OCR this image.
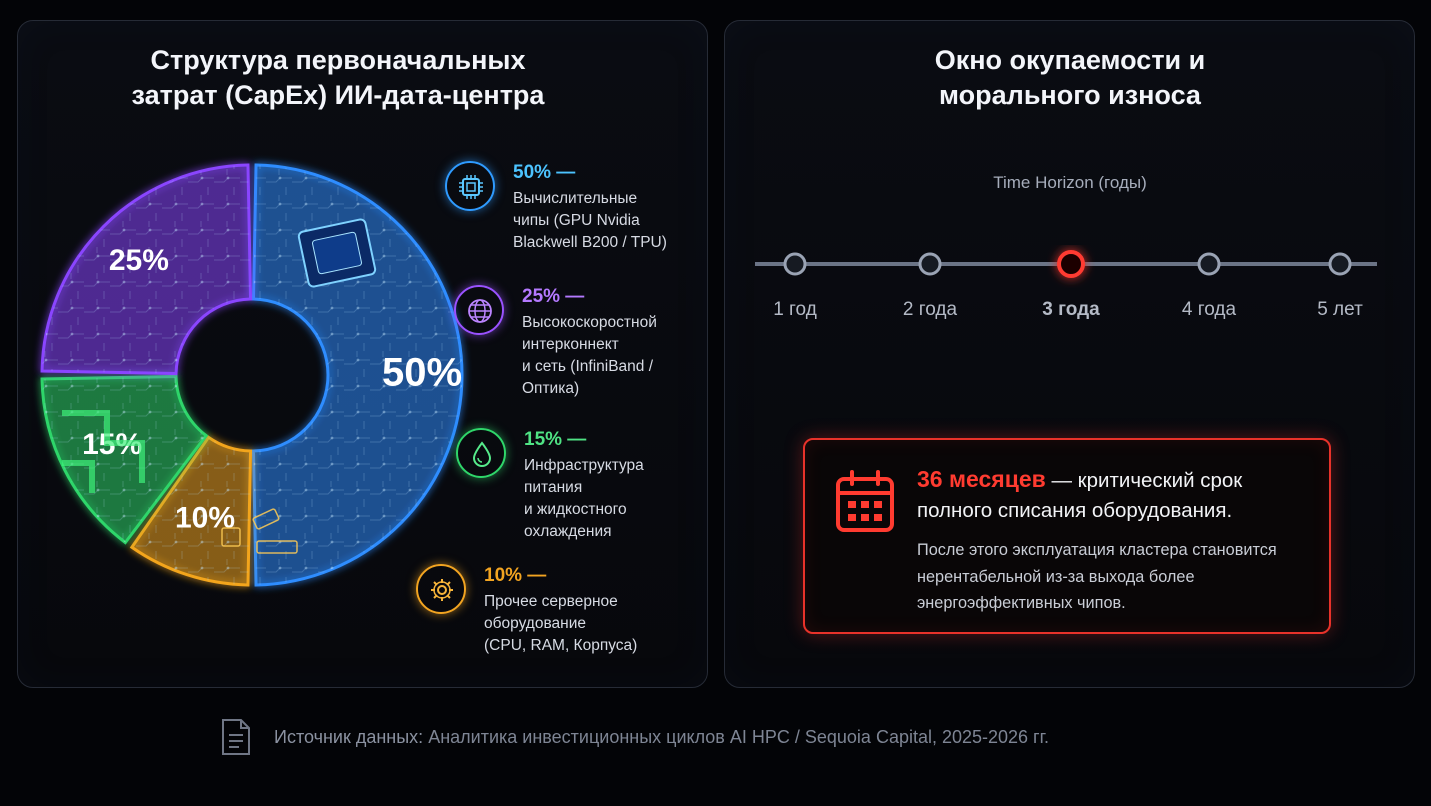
Структура первоначальных
затрат (CapEx) ИИ-дата-центра
50%
10%
15%
25%
50% —
Вычислительные
чипы (GPU Nvidia
Blackwell B200 / TPU)
25% —
Высокоскоростной
интерконнект
и сеть (InfiniBand /
Оптика)
15% —
Инфраструктура
питания
и жидкостного
охлаждения
10% —
Прочее серверное
оборудование
(CPU, RAM, Корпуса)
Окно окупаемости и
морального износа
Time Horizon (годы)
1 год	2 года	3 года	4 года	5 лет
36 месяцев — критический срок полного списания оборудования.
После этого эксплуатация кластера становится нерентабельной из-за выхода более энергоэффективных чипов.
Источник данных: Аналитика инвестиционных циклов AI HPC / Sequoia Capital, 2025-2026 гг.
